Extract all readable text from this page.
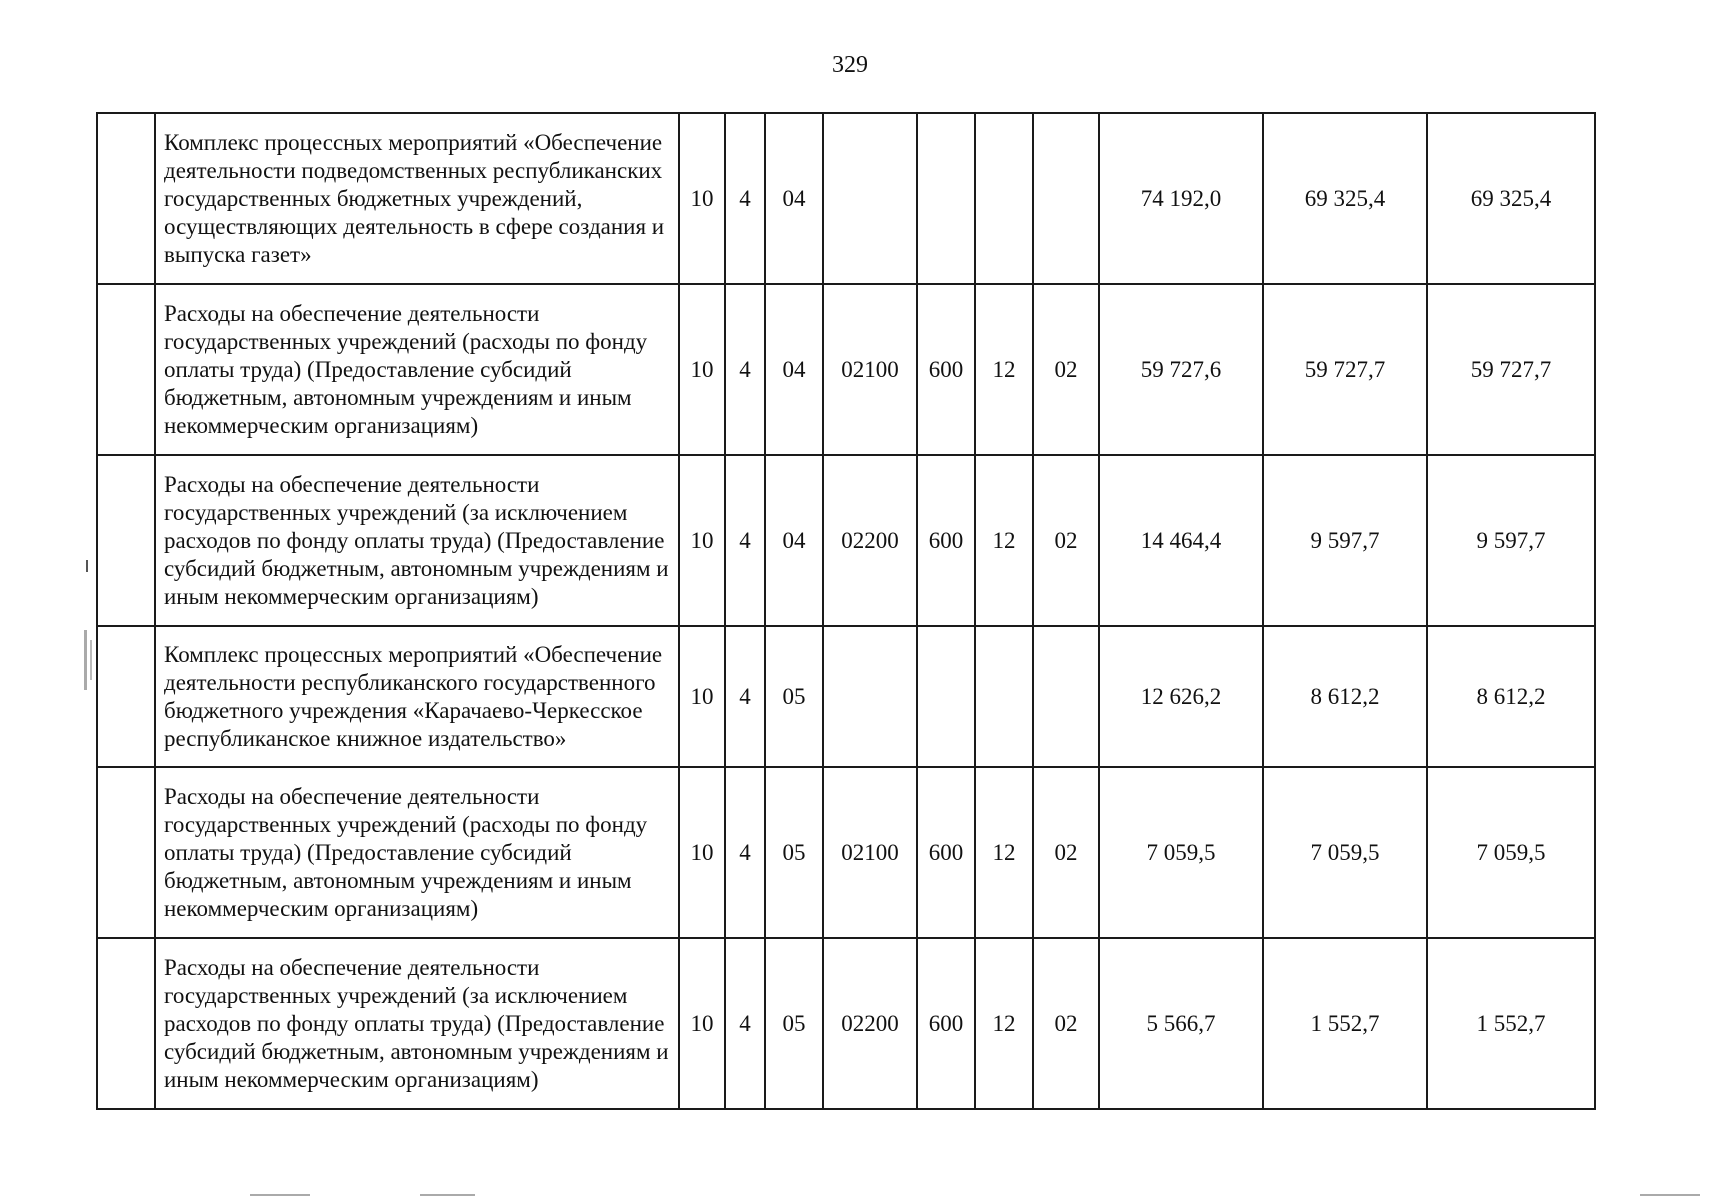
329
	Комплекс процессных мероприятий «Обеспечение деятельности подведомственных республиканских государственных бюджетных учреждений, осуществляющих деятельность в сфере создания и выпуска газет»	10	4	04					74 192,0	69 325,4	69 325,4
	Расходы на обеспечение деятельности государственных учреждений (расходы по фонду оплаты труда) (Предоставление субсидий бюджетным, автономным учреждениям и иным некоммерческим организациям)	10	4	04	02100	600	12	02	59 727,6	59 727,7	59 727,7
	Расходы на обеспечение деятельности государственных учреждений (за исключением расходов по фонду оплаты труда) (Предоставление субсидий бюджетным, автономным учреждениям и иным некоммерческим организациям)	10	4	04	02200	600	12	02	14 464,4	9 597,7	9 597,7
	Комплекс процессных мероприятий «Обеспечение деятельности республиканского государственного бюджетного учреждения «Карачаево-Черкесское республиканское книжное издательство»	10	4	05					12 626,2	8 612,2	8 612,2
	Расходы на обеспечение деятельности государственных учреждений (расходы по фонду оплаты труда) (Предоставление субсидий бюджетным, автономным учреждениям и иным некоммерческим организациям)	10	4	05	02100	600	12	02	7 059,5	7 059,5	7 059,5
	Расходы на обеспечение деятельности государственных учреждений (за исключением расходов по фонду оплаты труда) (Предоставление субсидий бюджетным, автономным учреждениям и иным некоммерческим организациям)	10	4	05	02200	600	12	02	5 566,7	1 552,7	1 552,7
